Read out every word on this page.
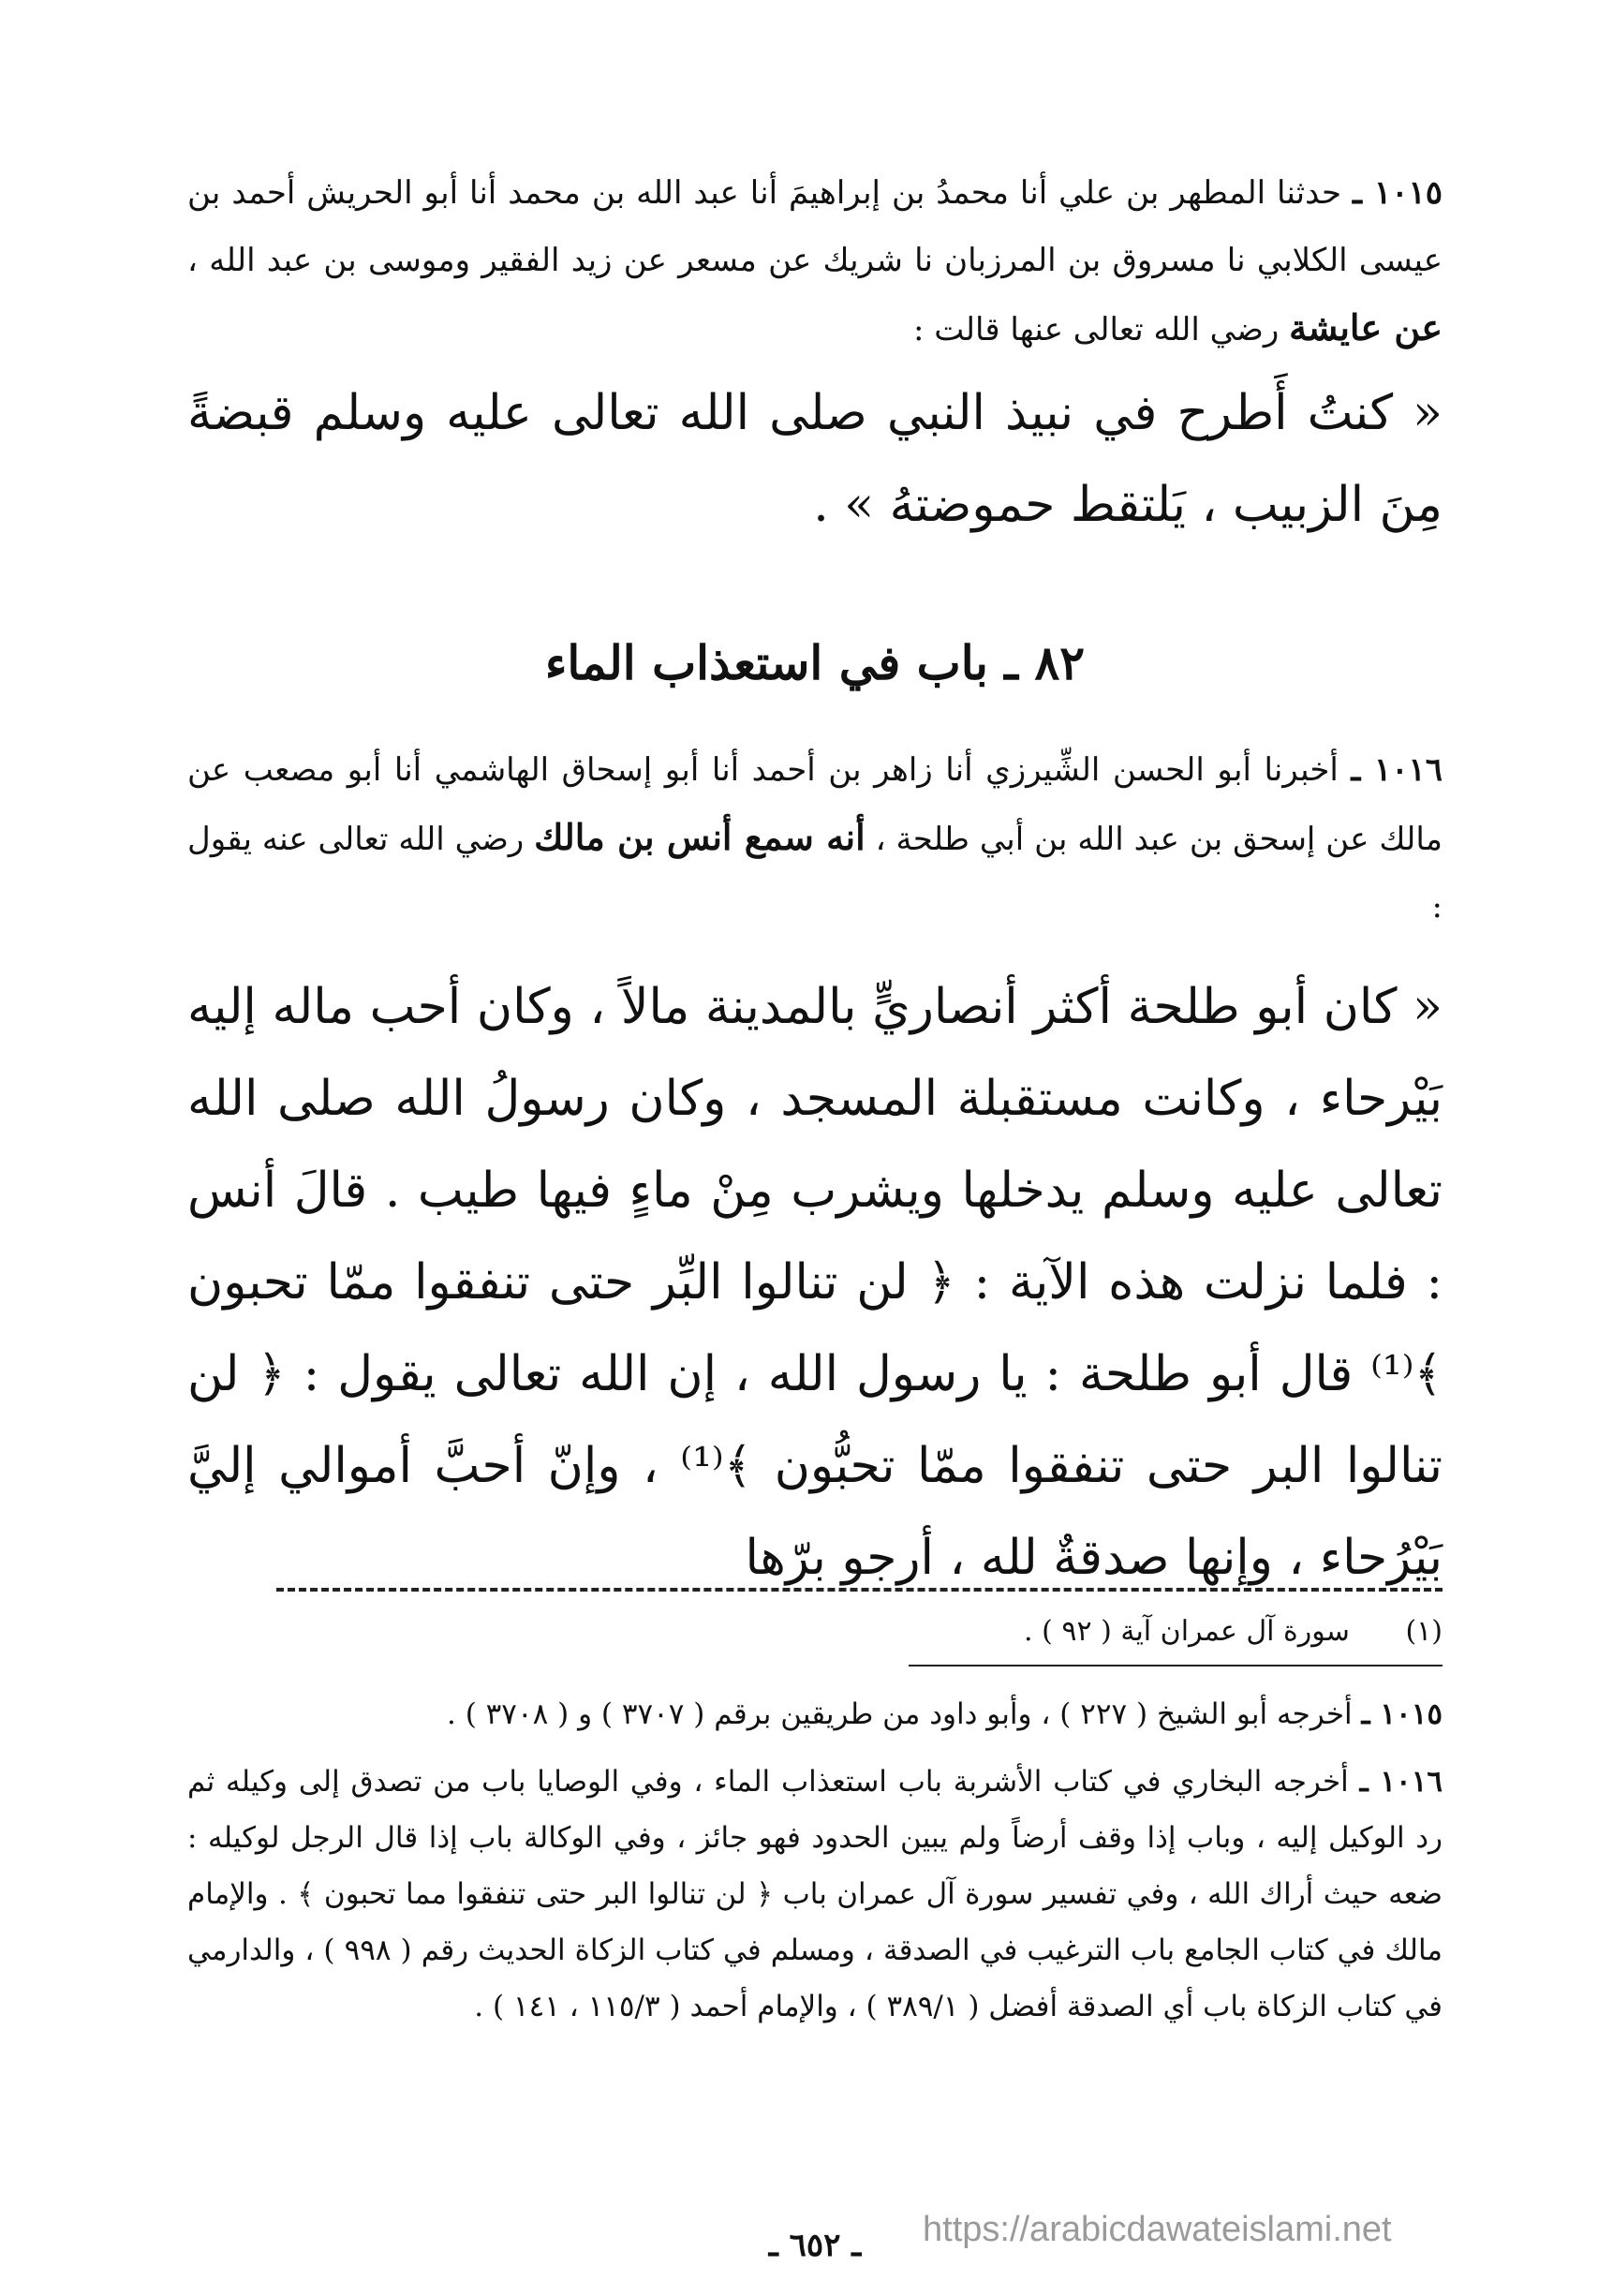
١٠١٥ ـ حدثنا المطهر بن علي أنا محمدُ بن إبراهيمَ أنا عبد الله بن محمد أنا أبو الحريش أحمد بن عيسى الكلابي نا مسروق بن المرزبان نا شريك عن مسعر عن زيد الفقير وموسى بن عبد الله ، عن عايشة رضي الله تعالى عنها قالت :
« كنتُ أَطرح في نبيذ النبي صلى الله تعالى عليه وسلم قبضةً مِنَ الزبيب ، يَلتقط حموضتهُ » .
٨٢ ـ باب في استعذاب الماء
١٠١٦ ـ أخبرنا أبو الحسن الشِّيرزي أنا زاهر بن أحمد أنا أبو إسحاق الهاشمي أنا أبو مصعب عن مالك عن إسحق بن عبد الله بن أبي طلحة ، أنه سمع أنس بن مالك رضي الله تعالى عنه يقول :
« كان أبو طلحة أكثر أنصاريٍّ بالمدينة مالاً ، وكان أحب ماله إليه بَيْرحاء ، وكانت مستقبلة المسجد ، وكان رسولُ الله صلى الله تعالى عليه وسلم يدخلها ويشرب مِنْ ماءٍ فيها طيب . قالَ أنس : فلما نزلت هذه الآية : ﴿ لن تنالوا البِّر حتى تنفقوا ممّا تحبون ﴾⁽¹⁾ قال أبو طلحة : يا رسول الله ، إن الله تعالى يقول : ﴿ لن تنالوا البر حتى تنفقوا ممّا تحبُّون ﴾⁽¹⁾ ، وإنّ أحبَّ أموالي إليَّ بَيْرُحاء ، وإنها صدقةٌ لله ، أرجو برّها
(١) سورة آل عمران آية ( ٩٢ ) .
١٠١٥ ـ أخرجه أبو الشيخ ( ٢٢٧ ) ، وأبو داود من طريقين برقم ( ٣٧٠٧ ) و ( ٣٧٠٨ ) .
١٠١٦ ـ أخرجه البخاري في كتاب الأشربة باب استعذاب الماء ، وفي الوصايا باب من تصدق إلى وكيله ثم رد الوكيل إليه ، وباب إذا وقف أرضاً ولم يبين الحدود فهو جائز ، وفي الوكالة باب إذا قال الرجل لوكيله : ضعه حيث أراك الله ، وفي تفسير سورة آل عمران باب ﴿ لن تنالوا البر حتى تنفقوا مما تحبون ﴾ . والإمام مالك في كتاب الجامع باب الترغيب في الصدقة ، ومسلم في كتاب الزكاة الحديث رقم ( ٩٩٨ ) ، والدارمي في كتاب الزكاة باب أي الصدقة أفضل ( ٣٨٩/١ ) ، والإمام أحمد ( ١١٥/٣ ، ١٤١ ) .
ـ ٦٥٢ ـ	https://arabicdawateislami.net
